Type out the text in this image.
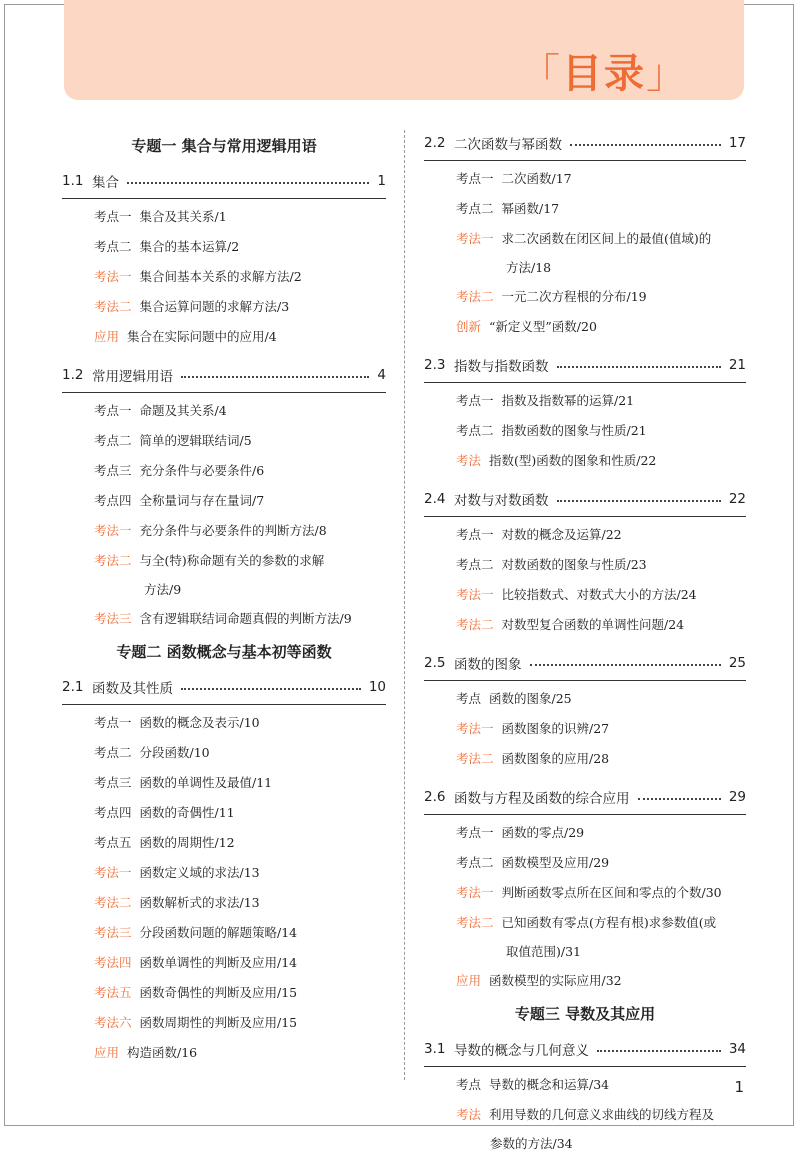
「目录」
专题一 集合与常用逻辑用语
1.1 集合	1
考点一 集合及其关系/1
考点二 集合的基本运算/2
考法一 集合间基本关系的求解方法/2
考法二 集合运算问题的求解方法/3
应用 集合在实际问题中的应用/4
1.2 常用逻辑用语	4
考点一 命题及其关系/4
考点二 简单的逻辑联结词/5
考点三 充分条件与必要条件/6
考点四 全称量词与存在量词/7
考法一 充分条件与必要条件的判断方法/8
考法二 与全(特)称命题有关的参数的求解
方法/9
考法三 含有逻辑联结词命题真假的判断方法/9
专题二 函数概念与基本初等函数
2.1 函数及其性质	10
考点一 函数的概念及表示/10
考点二 分段函数/10
考点三 函数的单调性及最值/11
考点四 函数的奇偶性/11
考点五 函数的周期性/12
考法一 函数定义域的求法/13
考法二 函数解析式的求法/13
考法三 分段函数问题的解题策略/14
考法四 函数单调性的判断及应用/14
考法五 函数奇偶性的判断及应用/15
考法六 函数周期性的判断及应用/15
应用 构造函数/16
2.2 二次函数与幂函数	17
考点一 二次函数/17
考点二 幂函数/17
考法一 求二次函数在闭区间上的最值(值域)的
方法/18
考法二 一元二次方程根的分布/19
创新 “新定义型”函数/20
2.3 指数与指数函数	21
考点一 指数及指数幂的运算/21
考点二 指数函数的图象与性质/21
考法 指数(型)函数的图象和性质/22
2.4 对数与对数函数	22
考点一 对数的概念及运算/22
考点二 对数函数的图象与性质/23
考法一 比较指数式、对数式大小的方法/24
考法二 对数型复合函数的单调性问题/24
2.5 函数的图象	25
考点 函数的图象/25
考法一 函数图象的识辨/27
考法二 函数图象的应用/28
2.6 函数与方程及函数的综合应用	29
考点一 函数的零点/29
考点二 函数模型及应用/29
考法一 判断函数零点所在区间和零点的个数/30
考法二 已知函数有零点(方程有根)求参数值(或
取值范围)/31
应用 函数模型的实际应用/32
专题三 导数及其应用
3.1 导数的概念与几何意义	34
考点 导数的概念和运算/34
考法 利用导数的几何意义求曲线的切线方程及
参数的方法/34
1
